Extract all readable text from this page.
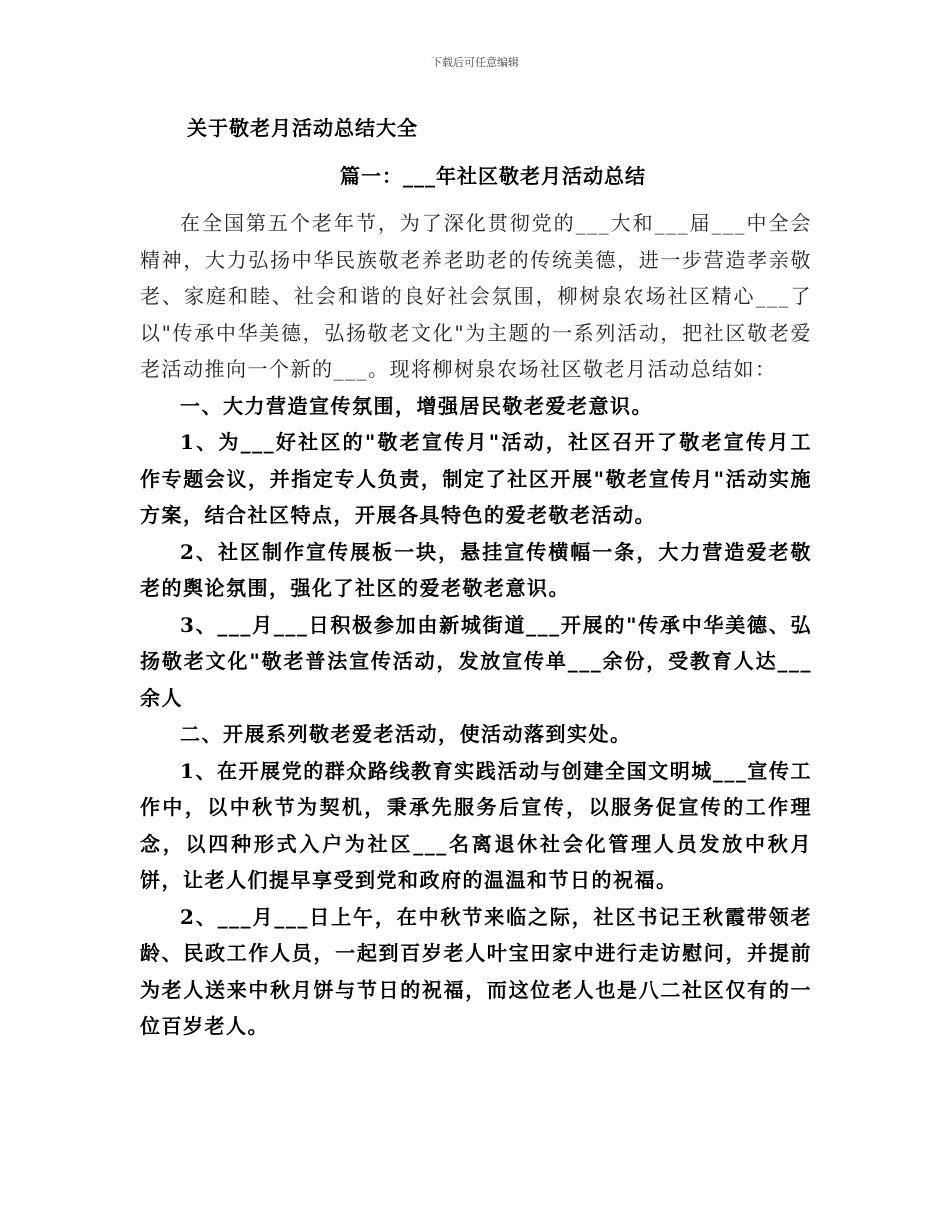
下载后可任意编辑
关于敬老月活动总结大全
篇一：___年社区敬老月活动总结

在全国第五个老年节，为了深化贯彻党的___大和___届___中全会精神，大力弘扬中华民族敬老养老助老的传统美德，进一步营造孝亲敬老、家庭和睦、社会和谐的良好社会氛围，柳树泉农场社区精心___了以"传承中华美德，弘扬敬老文化"为主题的一系列活动，把社区敬老爱老活动推向一个新的___。现将柳树泉农场社区敬老月活动总结如：

一、大力营造宣传氛围，增强居民敬老爱老意识。

1、为___好社区的"敬老宣传月"活动，社区召开了敬老宣传月工作专题会议，并指定专人负责，制定了社区开展"敬老宣传月"活动实施方案，结合社区特点，开展各具特色的爱老敬老活动。

2、社区制作宣传展板一块，悬挂宣传横幅一条，大力营造爱老敬老的舆论氛围，强化了社区的爱老敬老意识。

3、___月___日积极参加由新城街道___开展的"传承中华美德、弘扬敬老文化"敬老普法宣传活动，发放宣传单___余份，受教育人达___余人

二、开展系列敬老爱老活动，使活动落到实处。

1、在开展党的群众路线教育实践活动与创建全国文明城___宣传工作中，以中秋节为契机，秉承先服务后宣传，以服务促宣传的工作理念，以四种形式入户为社区___名离退休社会化管理人员发放中秋月饼，让老人们提早享受到党和政府的温温和节日的祝福。

2、___月___日上午，在中秋节来临之际，社区书记王秋霞带领老龄、民政工作人员，一起到百岁老人叶宝田家中进行走访慰问，并提前为老人送来中秋月饼与节日的祝福，而这位老人也是八二社区仅有的一位百岁老人。
